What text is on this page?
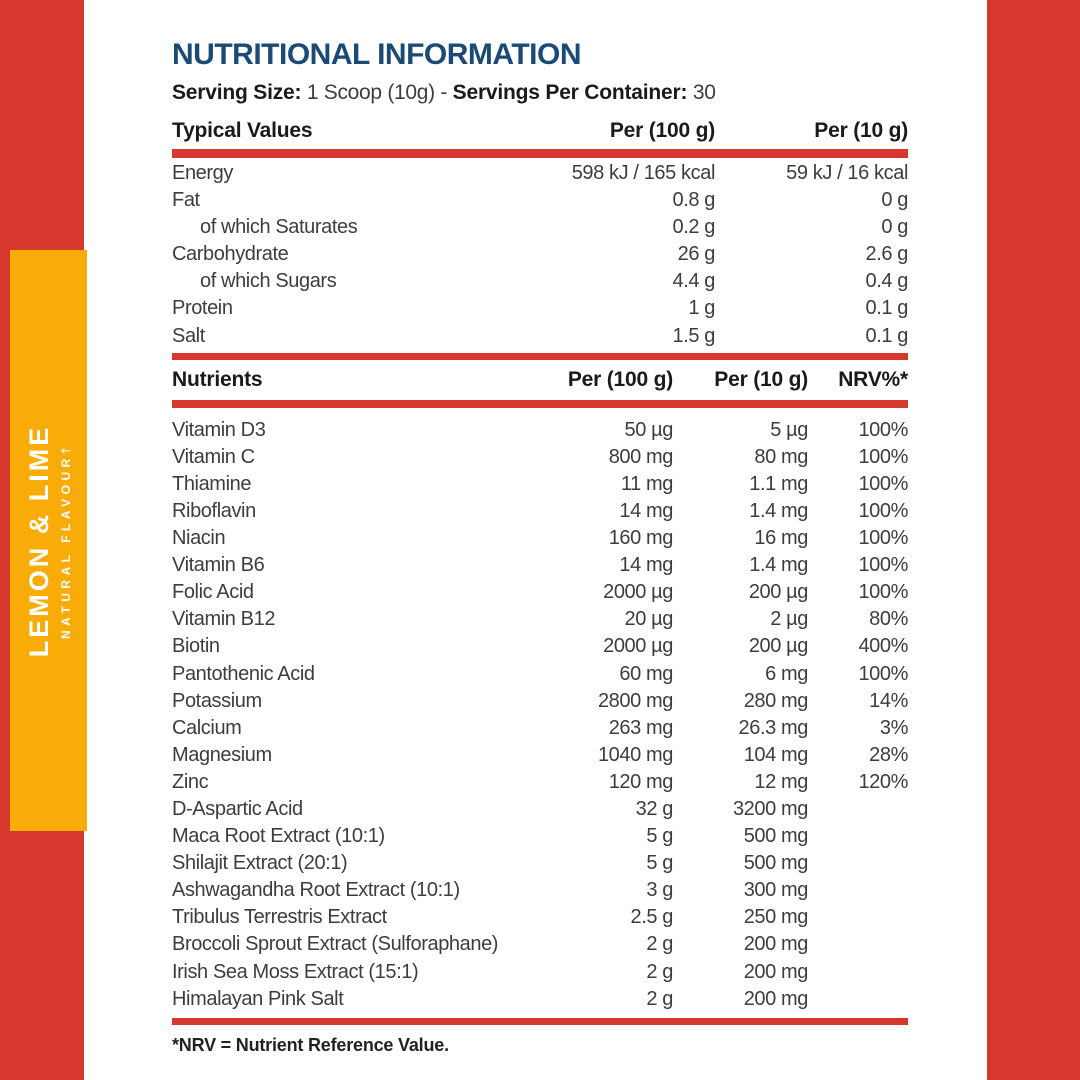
LEMON & LIME NATURAL FLAVOUR†
NUTRITIONAL INFORMATION
Serving Size: 1 Scoop (10g) - Servings Per Container: 30
Typical Values	Per (100 g)	Per (10 g)
Energy	598 kJ / 165 kcal	59 kJ / 16 kcal
Fat	0.8 g	0 g
of which Saturates	0.2 g	0 g
Carbohydrate	26 g	2.6 g
of which Sugars	4.4 g	0.4 g
Protein	1 g	0.1 g
Salt	1.5 g	0.1 g
Nutrients	Per (100 g)	Per (10 g)	NRV%*
Vitamin D3	50 µg	5 µg	100%
Vitamin C	800 mg	80 mg	100%
Thiamine	11 mg	1.1 mg	100%
Riboflavin	14 mg	1.4 mg	100%
Niacin	160 mg	16 mg	100%
Vitamin B6	14 mg	1.4 mg	100%
Folic Acid	2000 µg	200 µg	100%
Vitamin B12	20 µg	2 µg	80%
Biotin	2000 µg	200 µg	400%
Pantothenic Acid	60 mg	6 mg	100%
Potassium	2800 mg	280 mg	14%
Calcium	263 mg	26.3 mg	3%
Magnesium	1040 mg	104 mg	28%
Zinc	120 mg	12 mg	120%
D-Aspartic Acid	32 g	3200 mg
Maca Root Extract (10:1)	5 g	500 mg
Shilajit Extract (20:1)	5 g	500 mg
Ashwagandha Root Extract (10:1)	3 g	300 mg
Tribulus Terrestris Extract	2.5 g	250 mg
Broccoli Sprout Extract (Sulforaphane)	2 g	200 mg
Irish Sea Moss Extract (15:1)	2 g	200 mg
Himalayan Pink Salt	2 g	200 mg
*NRV = Nutrient Reference Value.
